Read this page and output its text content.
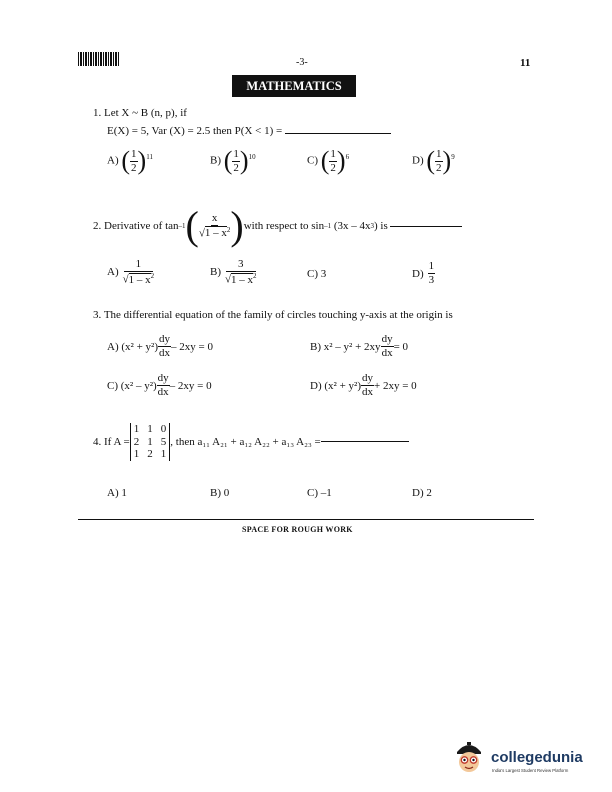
-3-	11
MATHEMATICS
1. Let X ~ B (n, p), if
E(X) = 5, Var (X) = 2.5 then P(X < 1) =
A) ( $\frac{1}{2} )^{11}$	B) ( $\frac{1}{2} )^{10}$	C) ( $\frac{1}{2} )^6$	D) ( $\frac{1}{2} )^9$
2.
Derivative of tan –1 ( $\frac{x}{√1 - x^2}$ ) with respect to sin –1
(3x – 4x 3 ) is
$A) \frac{1}{√1 - x^2}$	$B) \frac{3}{√1 - x^2}$	C) 3	$D) \frac{1}{3}$
3. The differential equation of the family of circles touching y-axis at the origin is
A)
$(x^2 + y^2) \frac{dy}{dx} - 2xy = 0$	B)
$x^2 - y^2 + 2xy \frac{dy}{dx} = 0$
C)
$(x^2 - y^2) \frac{dy}{dx} - 2xy = 0$	D)
$(x^2 + y^2) \frac{dy}{dx} + 2xy = 0$
4.
If A =
1 1 0
2 1 5
1 2 1
, then a₁₁ A₂₁ + a₁₂ A₂₂ + a₁₃ A₂₃ =
A) 1	B) 0	C) –1	D) 2
SPACE FOR ROUGH WORK
collegedunia
India's Largest Student Review Platform
